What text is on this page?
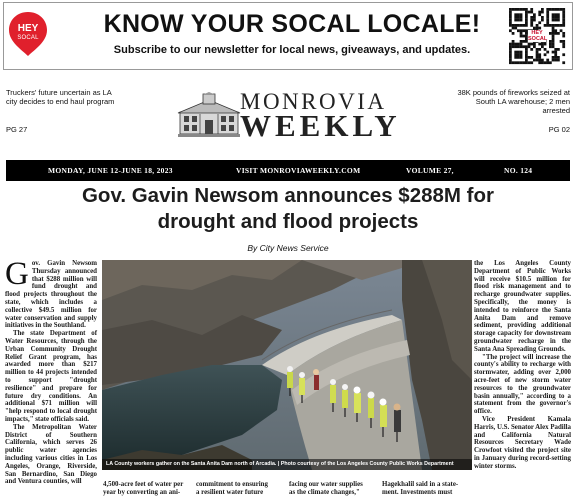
HEY
SOCAL	KNOW YOUR SOCAL LOCALE!
Subscribe to our newsletter for local news, giveaways, and updates.
HEY SOCAL
Truckers' future uncertain as LA city decides to end haul program
PG 27
38K pounds of fireworks seized at South LA warehouse; 2 men arrested
PG 02
MONROVIA
WEEKLY
MONDAY, JUNE 12-JUNE 18, 2023	VISIT MONROVIAWEEKLY.COM	VOLUME 27,	NO. 124
Gov. Gavin Newsom announces $288M for drought and flood projects
By City News Service

Gov. Gavin Newsom Thursday announced that $288 million will fund drought and flood projects throughout the state, which includes a collective $49.5 million for water conservation and supply initiatives in the Southland.

The state Department of Water Resources, through the Urban Community Drought Relief Grant program, has awarded more than $217 million to 44 projects intended to support "drought resilience" and prepare for future dry conditions. An additional $71 million will "help respond to local drought impacts," state officials said.

The Metropolitan Water District of Southern California, which serves 26 public water agencies including various cities in Los Angeles, Orange, Riverside, San Bernardino, San Diego and Ventura counties, will

LA County workers gather on the Santa Anita Dam north of Arcadia. | Photo courtesy of the Los Angeles County Public Works Department
4,500-acre feet of water per
year by converting an ani-
commitment to ensuring
a resilient water future
facing our water supplies
as the climate changes,"
Hagekhalil said in a state-
ment. Investments must

the Los Angeles County Department of Public Works will receive $10.5 million for flood risk management and to recharge groundwater supplies. Specifically, the money is intended to reinforce the Santa Anita Dam and remove sediment, providing additional storage capacity for downstream groundwater recharge in the Santa Ana Spreading Grounds.

"The project will increase the county's ability to recharge with stormwater, adding over 2,000 acre-feet of new storm water resources to the groundwater basin annually," according to a statement from the governor's office.

Vice President Kamala Harris, U.S. Senator Alex Padilla and California Natural Resources Secretary Wade Crowfoot visited the project site in January during record-setting winter storms.
